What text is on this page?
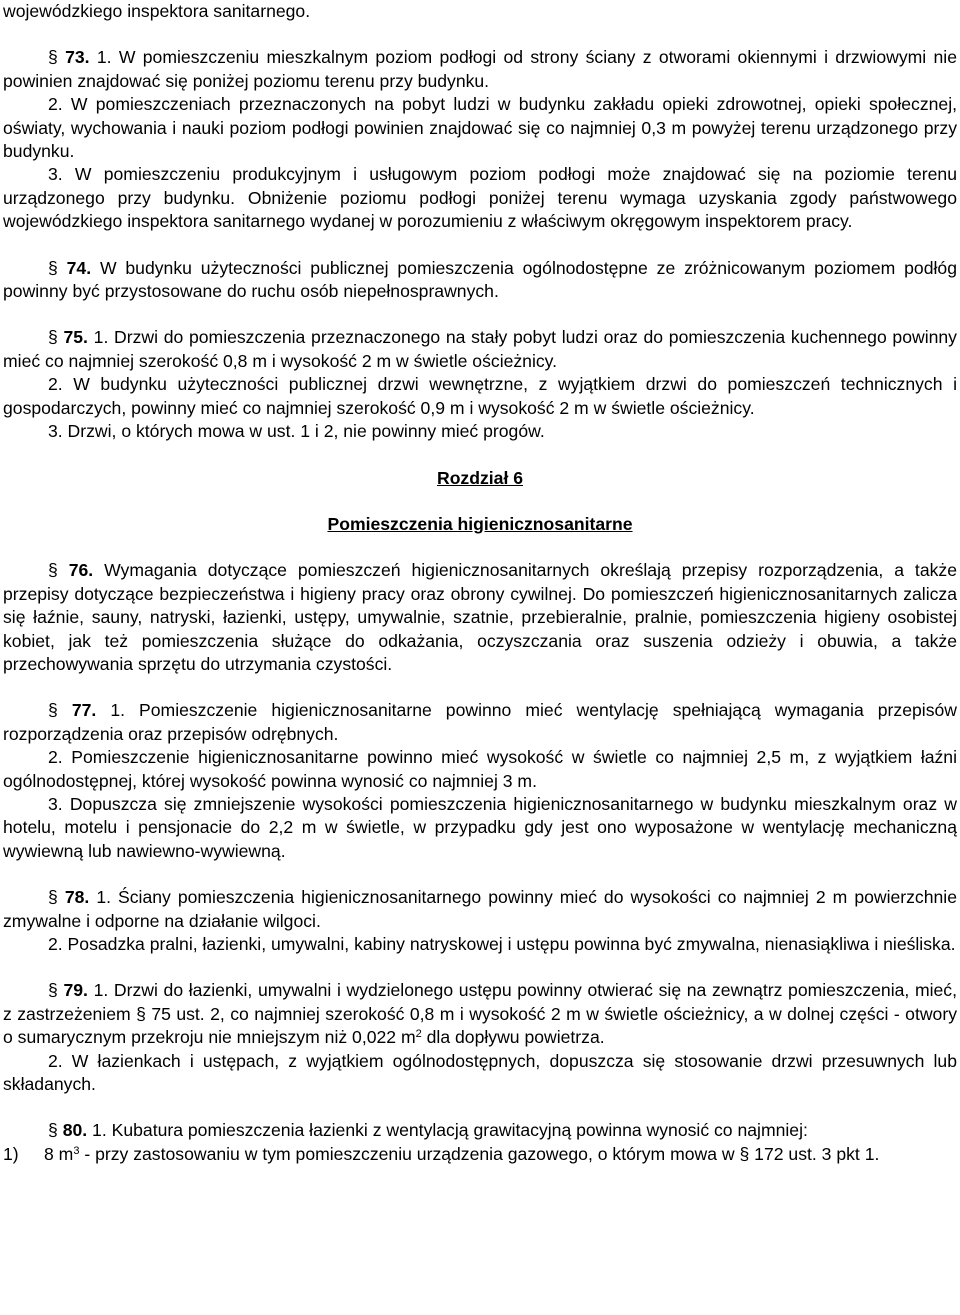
wojewódzkiego inspektora sanitarnego.

§ 73. 1. W pomieszczeniu mieszkalnym poziom podłogi od strony ściany z otworami okiennymi i drzwiowymi nie powinien znajdować się poniżej poziomu terenu przy budynku.

2. W pomieszczeniach przeznaczonych na pobyt ludzi w budynku zakładu opieki zdrowotnej, opieki społecznej, oświaty, wychowania i nauki poziom podłogi powinien znajdować się co najmniej 0,3 m powyżej terenu urządzonego przy budynku.

3. W pomieszczeniu produkcyjnym i usługowym poziom podłogi może znajdować się na poziomie terenu urządzonego przy budynku. Obniżenie poziomu podłogi poniżej terenu wymaga uzyskania zgody państwowego wojewódzkiego inspektora sanitarnego wydanej w porozumieniu z właściwym okręgowym inspektorem pracy.

§ 74. W budynku użyteczności publicznej pomieszczenia ogólnodostępne ze zróżnicowanym poziomem podłóg powinny być przystosowane do ruchu osób niepełnosprawnych.

§ 75. 1. Drzwi do pomieszczenia przeznaczonego na stały pobyt ludzi oraz do pomieszczenia kuchennego powinny mieć co najmniej szerokość 0,8 m i wysokość 2 m w świetle ościeżnicy.

2. W budynku użyteczności publicznej drzwi wewnętrzne, z wyjątkiem drzwi do pomieszczeń technicznych i gospodarczych, powinny mieć co najmniej szerokość 0,9 m i wysokość 2 m w świetle ościeżnicy.

3. Drzwi, o których mowa w ust. 1 i 2, nie powinny mieć progów.

Rozdział 6

Pomieszczenia higienicznosanitarne

§ 76. Wymagania dotyczące pomieszczeń higienicznosanitarnych określają przepisy rozporządzenia, a także przepisy dotyczące bezpieczeństwa i higieny pracy oraz obrony cywilnej. Do pomieszczeń higienicznosanitarnych zalicza się łaźnie, sauny, natryski, łazienki, ustępy, umywalnie, szatnie, przebieralnie, pralnie, pomieszczenia higieny osobistej kobiet, jak też pomieszczenia służące do odkażania, oczyszczania oraz suszenia odzieży i obuwia, a także przechowywania sprzętu do utrzymania czystości.

§ 77. 1. Pomieszczenie higienicznosanitarne powinno mieć wentylację spełniającą wymagania przepisów rozporządzenia oraz przepisów odrębnych.

2. Pomieszczenie higienicznosanitarne powinno mieć wysokość w świetle co najmniej 2,5 m, z wyjątkiem łaźni ogólnodostępnej, której wysokość powinna wynosić co najmniej 3 m.

3. Dopuszcza się zmniejszenie wysokości pomieszczenia higienicznosanitarnego w budynku mieszkalnym oraz w hotelu, motelu i pensjonacie do 2,2 m w świetle, w przypadku gdy jest ono wyposażone w wentylację mechaniczną wywiewną lub nawiewno-wywiewną.

§ 78. 1. Ściany pomieszczenia higienicznosanitarnego powinny mieć do wysokości co najmniej 2 m powierzchnie zmywalne i odporne na działanie wilgoci.

2. Posadzka pralni, łazienki, umywalni, kabiny natryskowej i ustępu powinna być zmywalna, nienasiąkliwa i nieśliska.

§ 79. 1. Drzwi do łazienki, umywalni i wydzielonego ustępu powinny otwierać się na zewnątrz pomieszczenia, mieć, z zastrzeżeniem § 75 ust. 2, co najmniej szerokość 0,8 m i wysokość 2 m w świetle ościeżnicy, a w dolnej części - otwory o sumarycznym przekroju nie mniejszym niż 0,022 $m^2$ dla dopływu powietrza.

2. W łazienkach i ustępach, z wyjątkiem ogólnodostępnych, dopuszcza się stosowanie drzwi przesuwnych lub składanych.

§ 80. 1. Kubatura pomieszczenia łazienki z wentylacją grawitacyjną powinna wynosić co najmniej:

1)	8 $m^3$ - przy zastosowaniu w tym pomieszczeniu urządzenia gazowego, o którym mowa w § 172 ust. 3 pkt 1.
